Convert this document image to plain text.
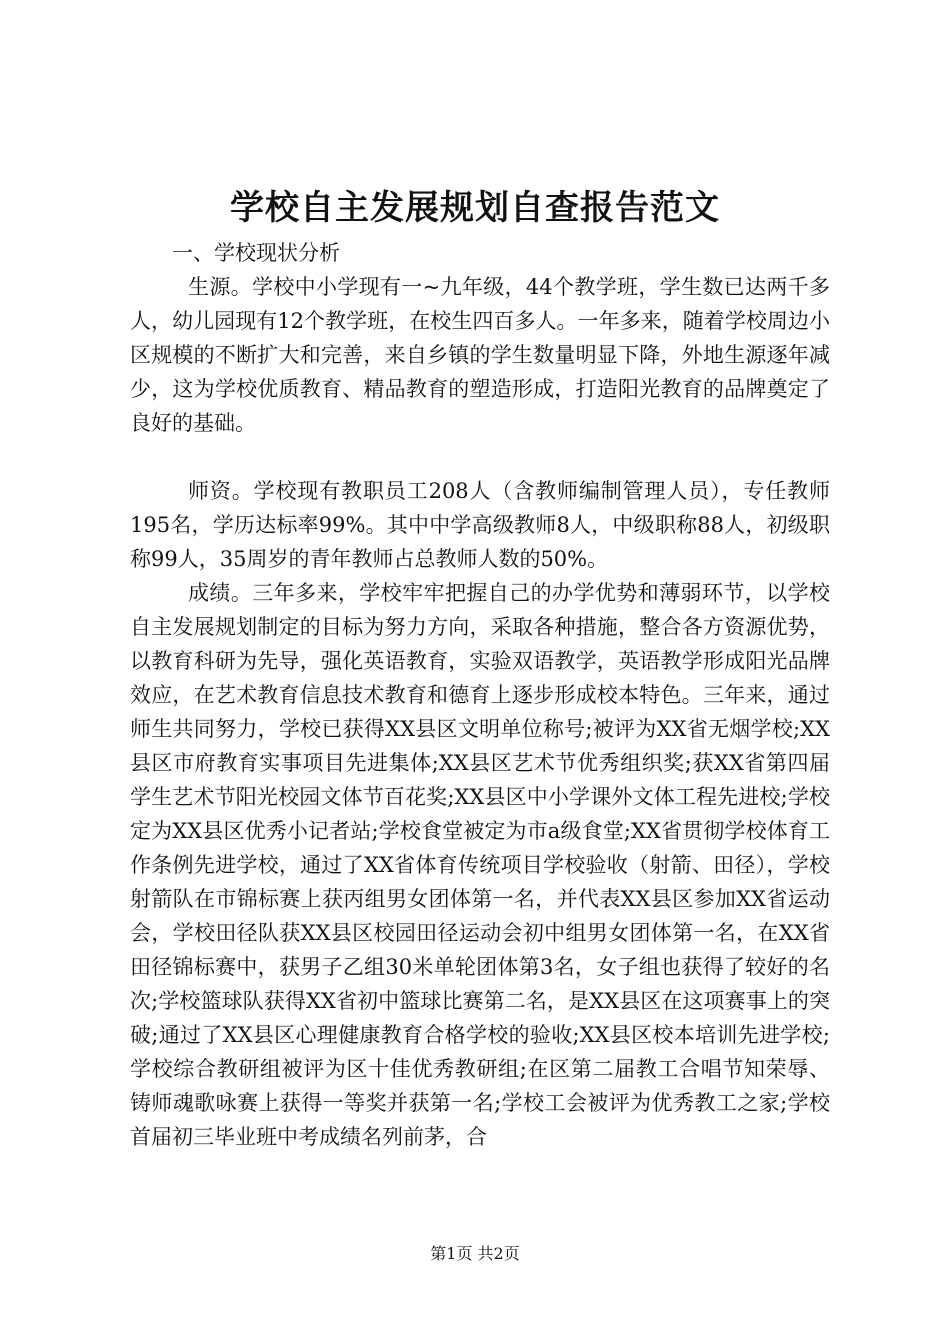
学校自主发展规划自查报告范文

一、学校现状分析

生源。学校中小学现有一~九年级，44个教学班，学生数已达两千多人，幼儿园现有12个教学班，在校生四百多人。一年多来，随着学校周边小区规模的不断扩大和完善，来自乡镇的学生数量明显下降，外地生源逐年减少，这为学校优质教育、精品教育的塑造形成，打造阳光教育的品牌奠定了良好的基础。

师资。学校现有教职员工208人（含教师编制管理人员），专任教师195名，学历达标率99%。其中中学高级教师8人，中级职称88人，初级职称99人，35周岁的青年教师占总教师人数的50%。

成绩。三年多来，学校牢牢把握自己的办学优势和薄弱环节，以学校自主发展规划制定的目标为努力方向，采取各种措施，整合各方资源优势，以教育科研为先导，强化英语教育，实验双语教学，英语教学形成阳光品牌效应，在艺术教育信息技术教育和德育上逐步形成校本特色。三年来，通过师生共同努力，学校已获得XX县区文明单位称号;被评为XX省无烟学校;XX县区市府教育实事项目先进集体;XX县区艺术节优秀组织奖;获XX省第四届学生艺术节阳光校园文体节百花奖;XX县区中小学课外文体工程先进校;学校定为XX县区优秀小记者站;学校食堂被定为市a级食堂;XX省贯彻学校体育工作条例先进学校，通过了XX省体育传统项目学校验收（射箭、田径），学校射箭队在市锦标赛上获丙组男女团体第一名，并代表XX县区参加XX省运动会，学校田径队获XX县区校园田径运动会初中组男女团体第一名，在XX省田径锦标赛中，获男子乙组30米单轮团体第3名，女子组也获得了较好的名次;学校篮球队获得XX省初中篮球比赛第二名，是XX县区在这项赛事上的突破;通过了XX县区心理健康教育合格学校的验收;XX县区校本培训先进学校;学校综合教研组被评为区十佳优秀教研组;在区第二届教工合唱节知荣辱、铸师魂歌咏赛上获得一等奖并获第一名;学校工会被评为优秀教工之家;学校首届初三毕业班中考成绩名列前茅，合

第1页 共2页
